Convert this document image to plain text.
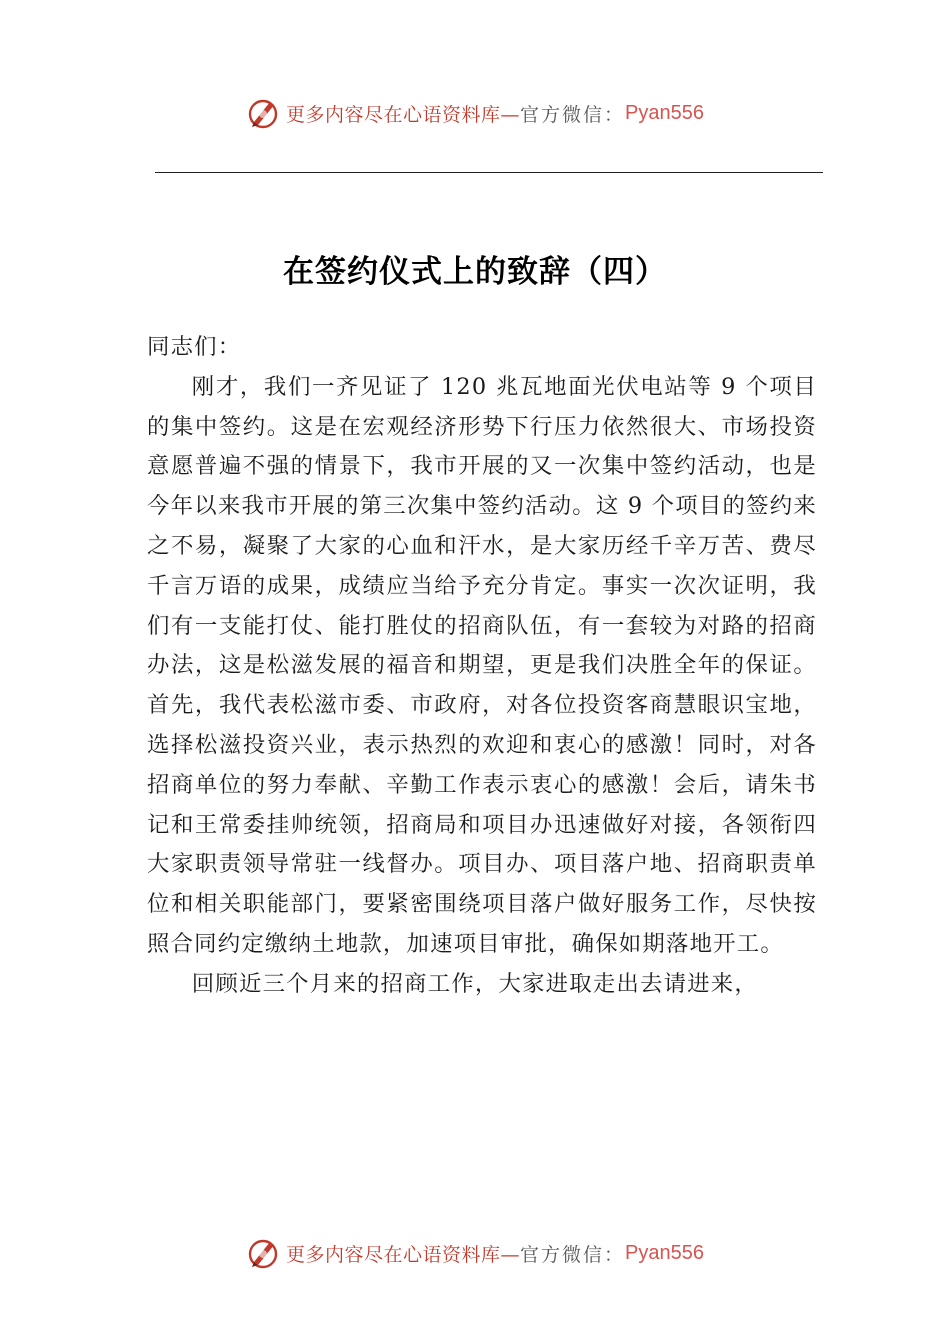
更多内容尽在心语资料库— 官方微信： Pyan556
在签约仪式上的致辞（四）

同志们：

刚才，我们一齐见证了 120 兆瓦地面光伏电站等 9 个项目的集中签约。这是在宏观经济形势下行压力依然很大、市场投资意愿普遍不强的情景下，我市开展的又一次集中签约活动，也是今年以来我市开展的第三次集中签约活动。这 9 个项目的签约来之不易，凝聚了大家的心血和汗水，是大家历经千辛万苦、费尽千言万语的成果，成绩应当给予充分肯定。事实一次次证明，我们有一支能打仗、能打胜仗的招商队伍，有一套较为对路的招商办法，这是松滋发展的福音和期望，更是我们决胜全年的保证。首先，我代表松滋市委、市政府，对各位投资客商慧眼识宝地，选择松滋投资兴业，表示热烈的欢迎和衷心的感激！同时，对各招商单位的努力奉献、辛勤工作表示衷心的感激！会后，请朱书记和王常委挂帅统领，招商局和项目办迅速做好对接，各领衔四大家职责领导常驻一线督办。项目办、项目落户地、招商职责单位和相关职能部门，要紧密围绕项目落户做好服务工作，尽快按照合同约定缴纳土地款，加速项目审批，确保如期落地开工。

回顾近三个月来的招商工作，大家进取走出去请进来，

更多内容尽在心语资料库— 官方微信： Pyan556
